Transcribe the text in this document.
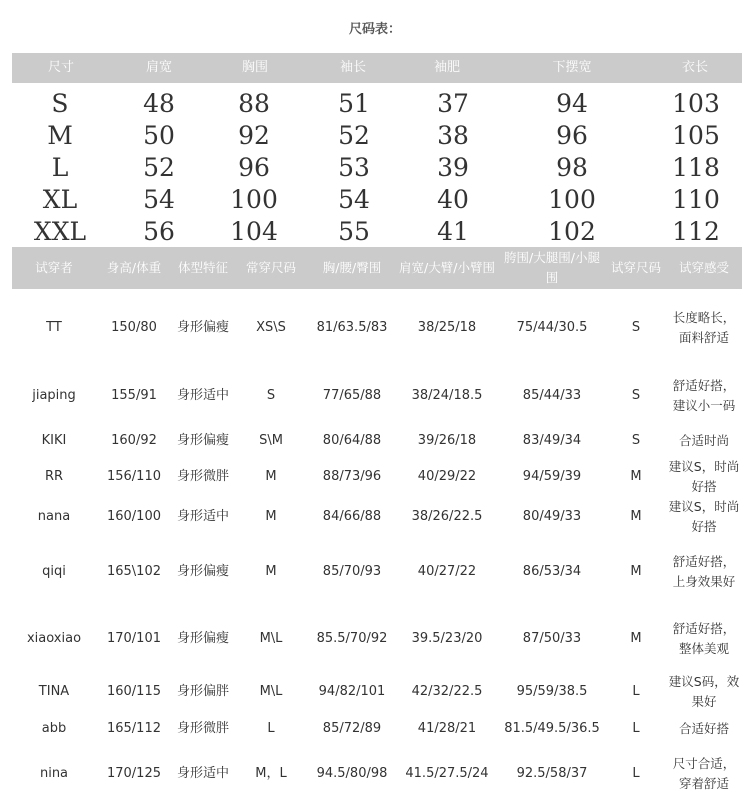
尺码表：
尺寸	肩宽	胸围	袖长	袖肥	下摆宽	衣长
S	48	88	51	37	94	103
M	50	92	52	38	96	105
L	52	96	53	39	98	118
XL	54 100 54	40	100	110
XXL 56 104 55	41	102	112
试穿者	身高/体重	体型特征	常穿尺码	胸/腰/臀围	肩宽/大臂/小臂围	胯围/大腿围/小腿围	试穿尺码	试穿感受
TT	150/80	身形偏瘦	XS\S	81/63.5/83	38/25/18	75/44/30.5	S	长度略长，面料舒适
jiaping	155/91	身形适中	S	77/65/88	38/24/18.5	85/44/33	S	舒适好搭，建议小一码
KIKI	160/92	身形偏瘦	S\M	80/64/88	39/26/18	83/49/34	S	合适时尚
RR	156/110	身形微胖	M	88/73/96	40/29/22	94/59/39	M	建议S，时尚好搭
nana	160/100	身形适中	M	84/66/88	38/26/22.5	80/49/33	M	建议S，时尚好搭
qiqi	165\102	身形偏瘦	M	85/70/93	40/27/22	86/53/34	M	舒适好搭，上身效果好
xiaoxiao	170/101	身形偏瘦	M\L	85.5/70/92	39.5/23/20	87/50/33	M	舒适好搭，整体美观
TINA	160/115	身形偏胖	M\L	94/82/101	42/32/22.5	95/59/38.5	L	建议S码，效果好
abb	165/112	身形微胖	L	85/72/89	41/28/21	81.5/49.5/36.5	L	合适好搭
nina	170/125	身形适中	M，L	94.5/80/98	41.5/27.5/24	92.5/58/37	L	尺寸合适，穿着舒适
